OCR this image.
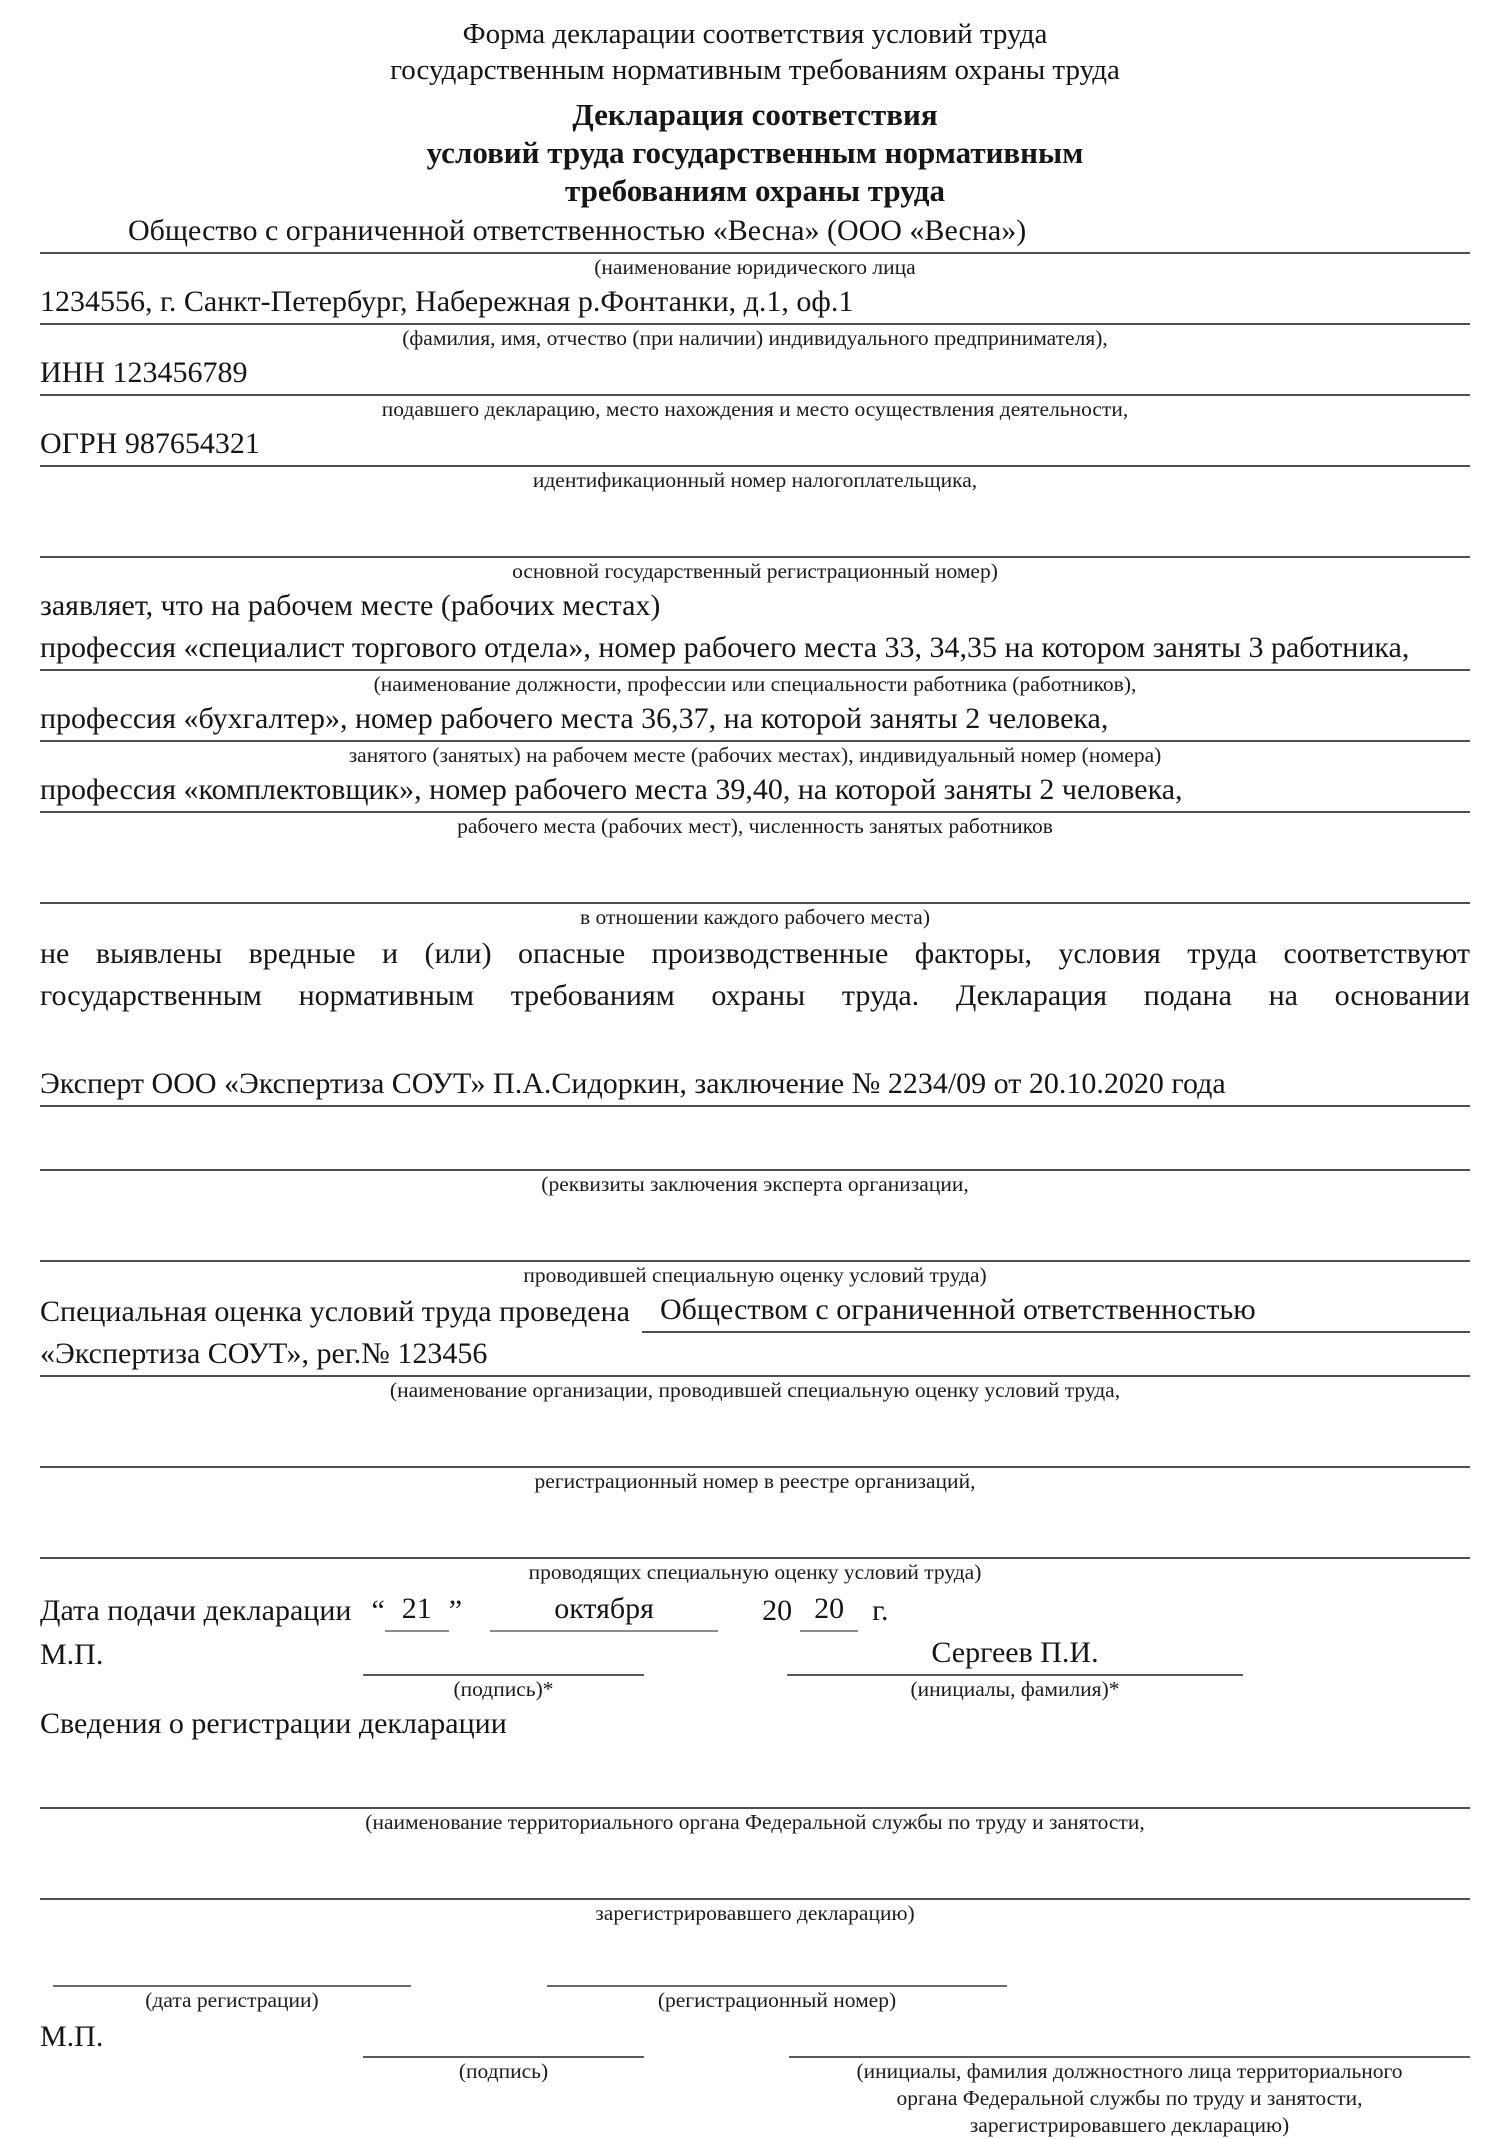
Форма декларации соответствия условий труда
государственным нормативным требованиям охраны труда
Декларация соответствия
условий труда государственным нормативным
требованиям охраны труда
Общество с ограниченной ответственностью «Весна» (ООО «Весна»)
(наименование юридического лица
1234556, г. Санкт-Петербург, Набережная р.Фонтанки, д.1, оф.1
(фамилия, имя, отчество (при наличии) индивидуального предпринимателя),
ИНН 123456789
подавшего декларацию, место нахождения и место осуществления деятельности,
ОГРН 987654321
идентификационный номер налогоплательщика,
основной государственный регистрационный номер)
заявляет, что на рабочем месте (рабочих местах)
профессия «специалист торгового отдела», номер рабочего места 33, 34,35 на котором заняты 3 работника,
(наименование должности, профессии или специальности работника (работников),
профессия «бухгалтер», номер рабочего места 36,37, на которой заняты 2 человека,
занятого (занятых) на рабочем месте (рабочих местах), индивидуальный номер (номера)
профессия «комплектовщик», номер рабочего места 39,40, на которой заняты 2 человека,
рабочего места (рабочих мест), численность занятых работников
в отношении каждого рабочего места)
не выявлены вредные и (или) опасные производственные факторы, условия труда соответствуют государственным нормативным требованиям охраны труда. Декларация подана на основании
Эксперт ООО «Экспертиза СОУТ» П.А.Сидоркин, заключение № 2234/09 от 20.10.2020 года
(реквизиты заключения эксперта организации,
проводившей специальную оценку условий труда)
Специальная оценка условий труда проведена	Обществом с ограниченной ответственностью
«Экспертиза СОУТ», рег.№ 123456
(наименование организации, проводившей специальную оценку условий труда,
регистрационный номер в реестре организаций,
проводящих специальную оценку условий труда)
Дата подачи декларации “ 21 ”	октября	20 20 г.
М.П.	Сергеев П.И.
(подпись)*	(инициалы, фамилия)*
Сведения о регистрации декларации
(наименование территориального органа Федеральной службы по труду и занятости,
зарегистрировавшего декларацию)
(дата регистрации)	(регистрационный номер)
М.П.
(подпись)	(инициалы, фамилия должностного лица территориального
органа Федеральной службы по труду и занятости,
зарегистрировавшего декларацию)
